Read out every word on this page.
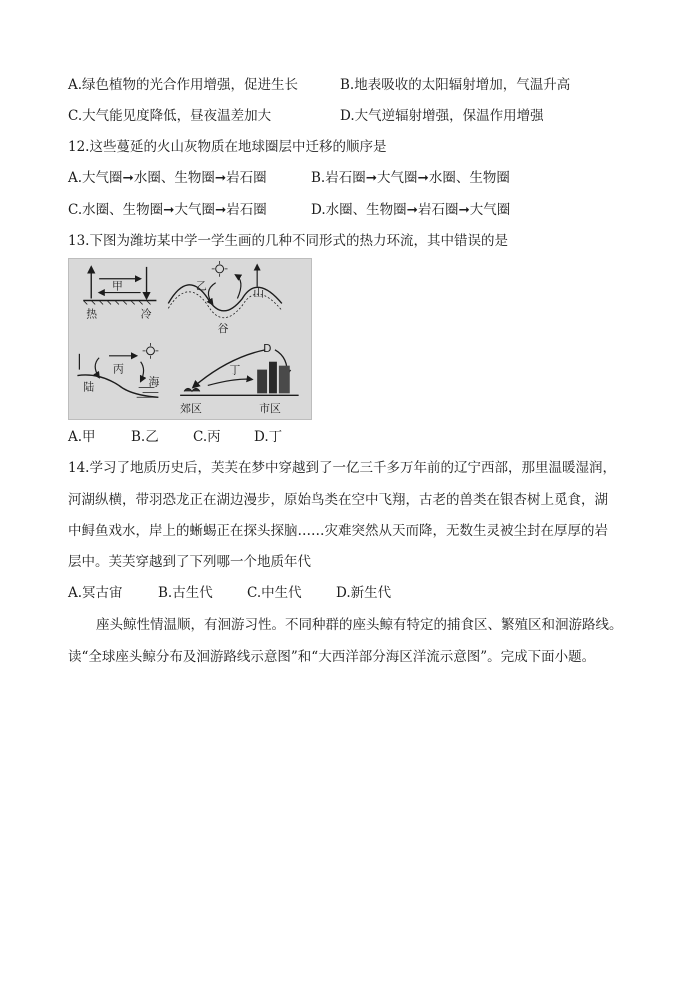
A.绿色植物的光合作用增强，促进生长	B.地表吸收的太阳辐射增加，气温升高
C.大气能见度降低，昼夜温差加大	D.大气逆辐射增强，保温作用增强
12.这些蔓延的火山灰物质在地球圈层中迁移的顺序是
A.大气圈➞水圈、生物圈➞岩石圈	B.岩石圈➞大气圈➞水圈、生物圈
C.水圈、生物圈➞大气圈➞岩石圈	D.水圈、生物圈➞岩石圈➞大气圈
13.下图为潍坊某中学一学生画的几种不同形式的热力环流，其中错误的是
甲
热	冷
乙
山
谷
丙
陆	海
D
丁
郊区	市区
A.甲	B.乙	C.丙 D.丁
14.学习了地质历史后，芙芙在梦中穿越到了一亿三千多万年前的辽宁西部，那里温暖湿润，
河湖纵横，带羽恐龙正在湖边漫步，原始鸟类在空中飞翔，古老的兽类在银杏树上觅食，湖
中鲟鱼戏水，岸上的蜥蜴正在探头探脑……灾难突然从天而降，无数生灵被尘封在厚厚的岩
层中。芙芙穿越到了下列哪一个地质年代
A.冥古宙	B.古生代	C.中生代	D.新生代
座头鲸性情温顺，有洄游习性。不同种群的座头鲸有特定的捕食区、繁殖区和洄游路线。
读“全球座头鲸分布及洄游路线示意图”和“大西洋部分海区洋流示意图”。完成下面小题。
